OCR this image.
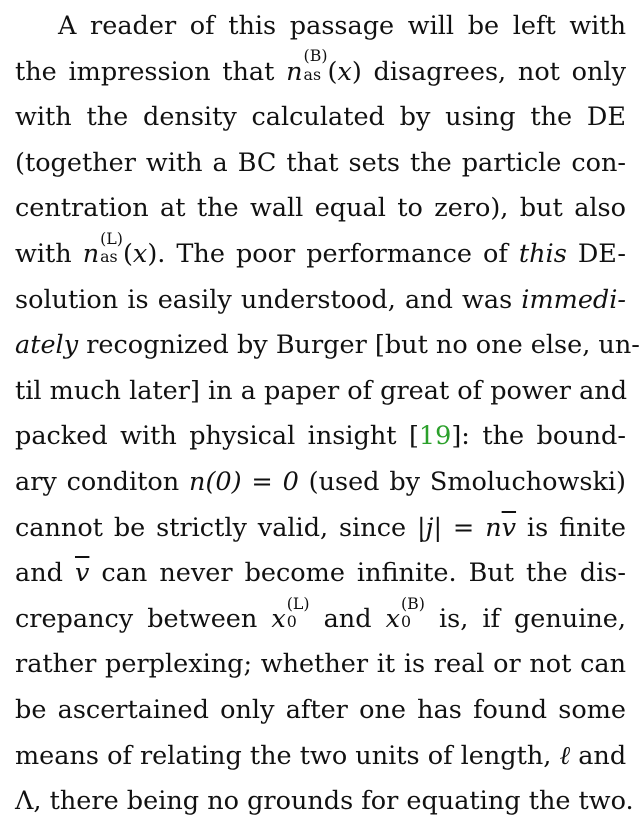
A reader of this passage will be left with
the impression that n
(B)
as (x) disagrees, not only
with the density calculated by using the DE
(together with a BC that sets the particle con-
centration at the wall equal to zero), but also
with n
(L)
as (x). The poor performance of this DE-
solution is easily understood, and was immedi-
ately recognized by Burger [but no one else, un-
til much later] in a paper of great of power and
packed with physical insight [19]: the bound-
ary conditon n(0) = 0 (used by Smoluchowski)
cannot be strictly valid, since $|j| = n\overline{v}$ is finite
and $\overline{v}$ can never become infinite. But the dis-
crepancy between x
(L)
0 and x
(B)
0 is, if genuine,
rather perplexing; whether it is real or not can
be ascertained only after one has found some
means of relating the two units of length, ℓ and
Λ, there being no grounds for equating the two.
